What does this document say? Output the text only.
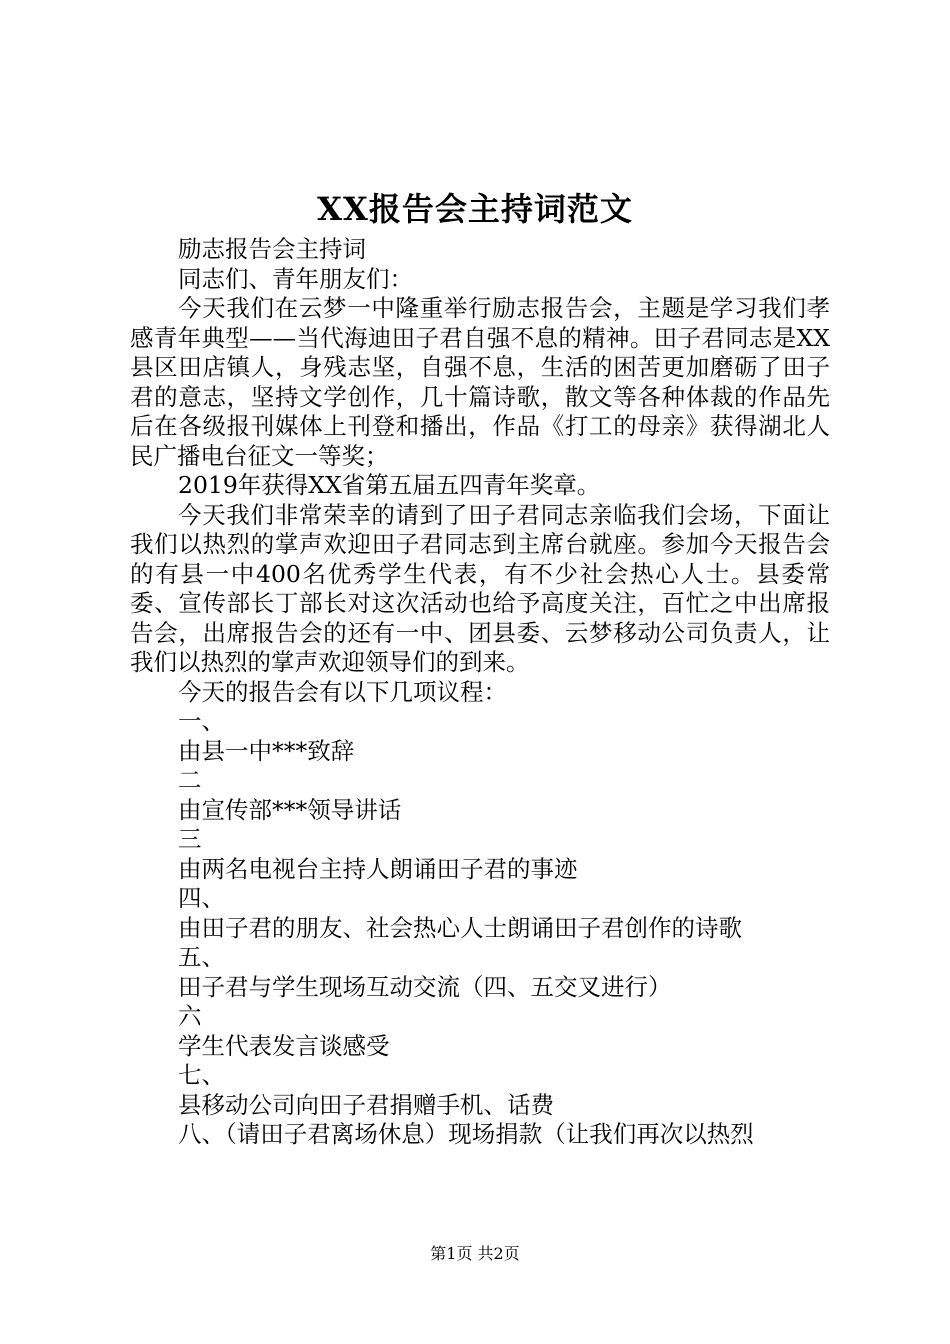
XX报告会主持词范文

励志报告会主持词

同志们、青年朋友们：

今天我们在云梦一中隆重举行励志报告会，主题是学习我们孝感青年典型——当代海迪田子君自强不息的精神。田子君同志是XX县区田店镇人，身残志坚，自强不息，生活的困苦更加磨砺了田子君的意志，坚持文学创作，几十篇诗歌，散文等各种体裁的作品先后在各级报刊媒体上刊登和播出，作品《打工的母亲》获得湖北人民广播电台征文一等奖；

2019年获得XX省第五届五四青年奖章。

今天我们非常荣幸的请到了田子君同志亲临我们会场，下面让我们以热烈的掌声欢迎田子君同志到主席台就座。参加今天报告会的有县一中400名优秀学生代表，有不少社会热心人士。县委常委、宣传部长丁部长对这次活动也给予高度关注，百忙之中出席报告会，出席报告会的还有一中、团县委、云梦移动公司负责人，让我们以热烈的掌声欢迎领导们的到来。

今天的报告会有以下几项议程：

一、

由县一中***致辞

二

由宣传部***领导讲话

三

由两名电视台主持人朗诵田子君的事迹

四、

由田子君的朋友、社会热心人士朗诵田子君创作的诗歌

五、

田子君与学生现场互动交流（四、五交叉进行）

六

学生代表发言谈感受

七、

县移动公司向田子君捐赠手机、话费

八、（请田子君离场休息）现场捐款（让我们再次以热烈

第1页 共2页
